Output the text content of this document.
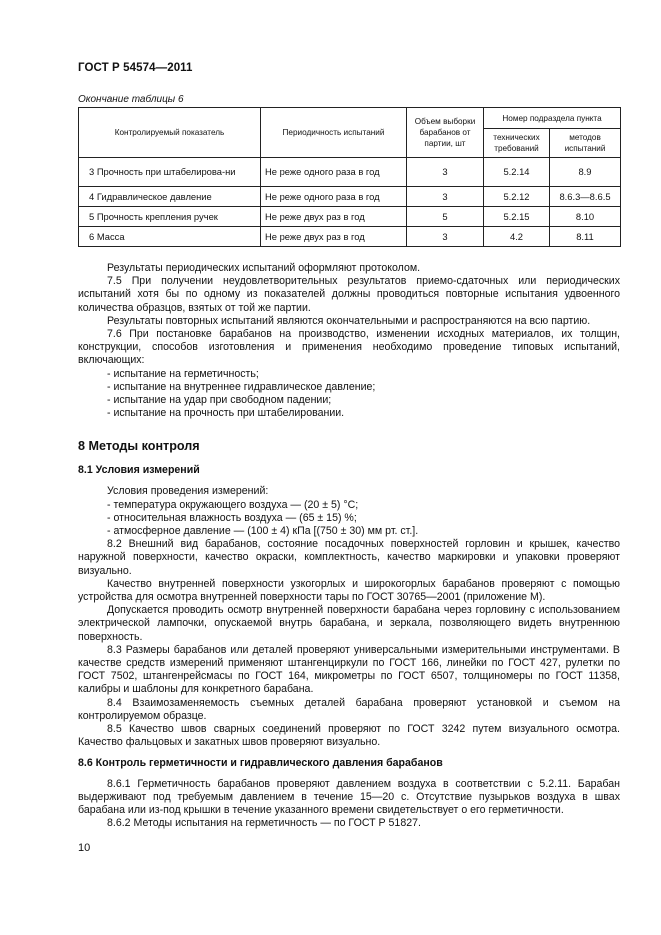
ГОСТ Р 54574—2011
Окончание таблицы 6
Контролируемый показатель	Периодичность испытаний	Объем выборки барабанов от партии, шт	Номер подраздела пункта	
			технических требований	методов испытаний
3 Прочность при штабелирова-ни	Не реже одного раза в год	3	5.2.14	8.9
4 Гидравлическое давление	Не реже одного раза в год	3	5.2.12	8.6.3—8.6.5
5 Прочность крепления ручек	Не реже двух раз в год	5	5.2.15	8.10
6 Масса	Не реже двух раз в год	3	4.2	8.11

Результаты периодических испытаний оформляют протоколом.

7.5 При получении неудовлетворительных результатов приемо-сдаточных или периодических испытаний хотя бы по одному из показателей должны проводиться повторные испытания удвоенного количества образцов, взятых от той же партии.

Результаты повторных испытаний являются окончательными и распространяются на всю партию.

7.6 При постановке барабанов на производство, изменении исходных материалов, их толщин, конструкции, способов изготовления и применения необходимо проведение типовых испытаний, включающих:

- испытание на герметичность;

- испытание на внутреннее гидравлическое давление;

- испытание на удар при свободном падении;

- испытание на прочность при штабелировании.

8 Методы контроля

8.1 Условия измерений

Условия проведения измерений:

- температура окружающего воздуха — (20 ± 5) °С;

- относительная влажность воздуха — (65 ± 15) %;

- атмосферное давление — (100 ± 4) кПа [(750 ± 30) мм рт. ст.].

8.2 Внешний вид барабанов, состояние посадочных поверхностей горловин и крышек, качество наружной поверхности, качество окраски, комплектность, качество маркировки и упаковки проверяют визуально.

Качество внутренней поверхности узкогорлых и широкогорлых барабанов проверяют с помощью устройства для осмотра внутренней поверхности тары по ГОСТ 30765—2001 (приложение М).

Допускается проводить осмотр внутренней поверхности барабана через горловину с использованием электрической лампочки, опускаемой внутрь барабана, и зеркала, позволяющего видеть внутреннюю поверхность.

8.3 Размеры барабанов или деталей проверяют универсальными измерительными инструментами. В качестве средств измерений применяют штангенциркули по ГОСТ 166, линейки по ГОСТ 427, рулетки по ГОСТ 7502, штангенрейсмасы по ГОСТ 164, микрометры по ГОСТ 6507, толщиномеры по ГОСТ 11358, калибры и шаблоны для конкретного барабана.

8.4 Взаимозаменяемость съемных деталей барабана проверяют установкой и съемом на контролируемом образце.

8.5 Качество швов сварных соединений проверяют по ГОСТ 3242 путем визуального осмотра. Качество фальцовых и закатных швов проверяют визуально.

8.6 Контроль герметичности и гидравлического давления барабанов

8.6.1 Герметичность барабанов проверяют давлением воздуха в соответствии с 5.2.11. Барабан выдерживают под требуемым давлением в течение 15—20 с. Отсутствие пузырьков воздуха в швах барабана или из-под крышки в течение указанного времени свидетельствует о его герметичности.

8.6.2 Методы испытания на герметичность — по ГОСТ Р 51827.

10
